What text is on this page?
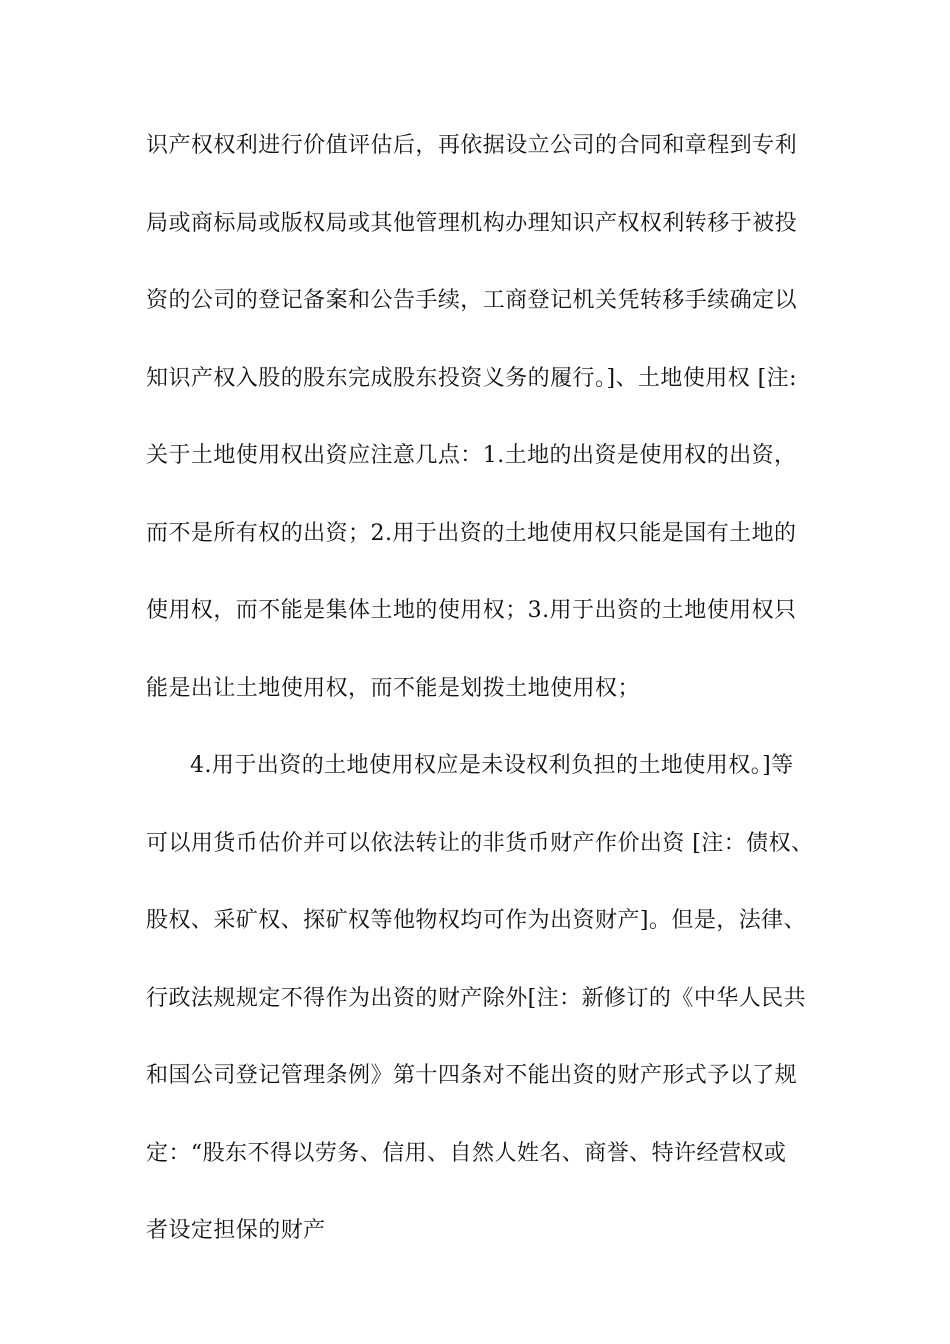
识产权权利进行价值评估后，再依据设立公司的合同和章程到专利
局或商标局或版权局或其他管理机构办理知识产权权利转移于被投
资的公司的登记备案和公告手续，工商登记机关凭转移手续确定以
知识产权入股的股东完成股东投资义务的履行。]、土地使用权 [注:
关于土地使用权出资应注意几点：1.土地的出资是使用权的出资，
而不是所有权的出资；2.用于出资的土地使用权只能是国有土地的
使用权，而不能是集体土地的使用权；3.用于出资的土地使用权只
能是出让土地使用权，而不能是划拨土地使用权；
4.用于出资的土地使用权应是未设权利负担的土地使用权。]等
可以用货币估价并可以依法转让的非货币财产作价出资 [注：债权、
股权、采矿权、探矿权等他物权均可作为出资财产]。但是，法律、
行政法规规定不得作为出资的财产除外[注：新修订的《中华人民共
和国公司登记管理条例》第十四条对不能出资的财产形式予以了规
定：“股东不得以劳务、信用、自然人姓名、商誉、特许经营权或
者设定担保的财产
